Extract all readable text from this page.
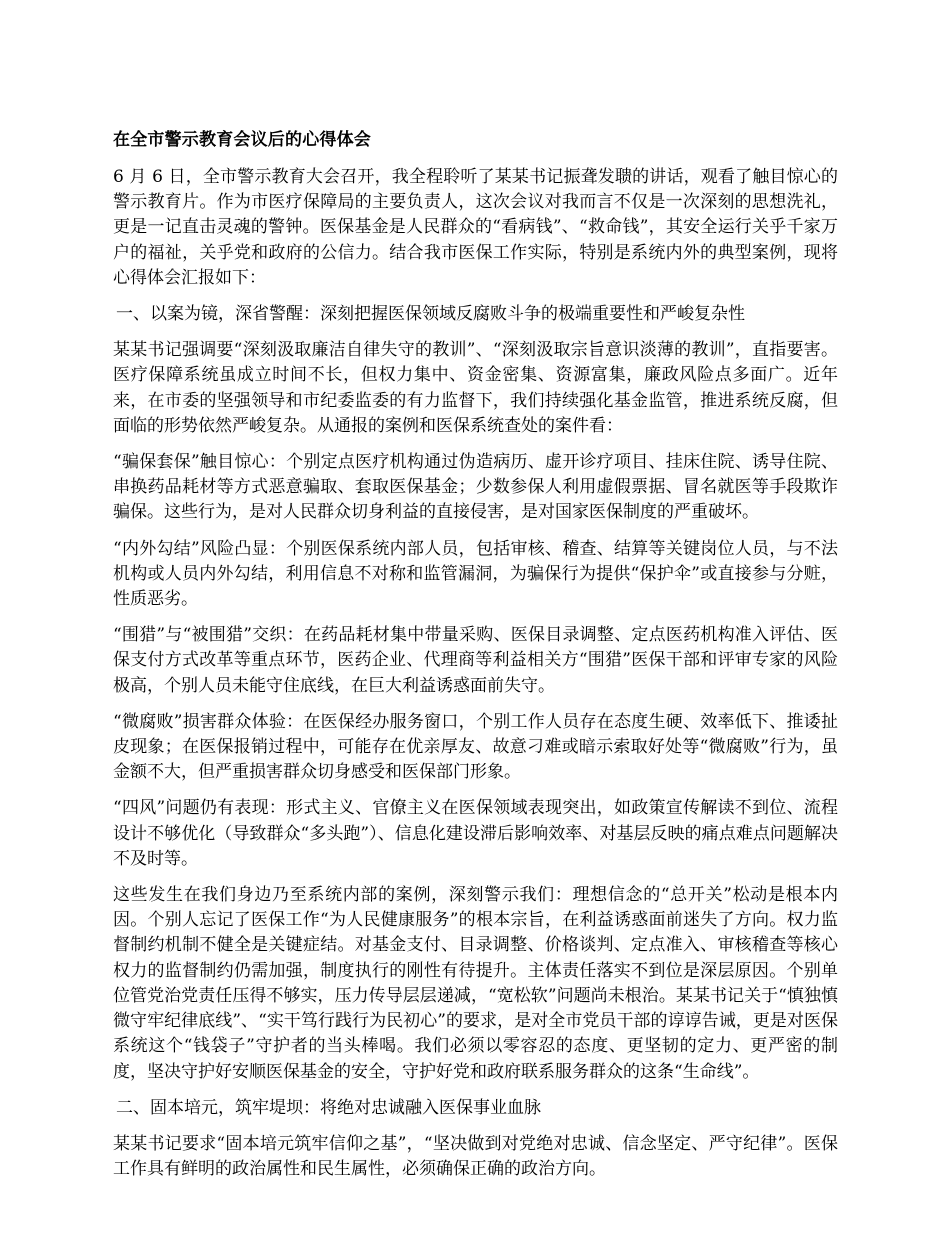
在全市警示教育会议后的心得体会

6 月 6 日，全市警示教育大会召开，我全程聆听了某某书记振聋发聩的讲话，观看了触目惊心的警示教育片。作为市医疗保障局的主要负责人，这次会议对我而言不仅是一次深刻的思想洗礼，更是一记直击灵魂的警钟。医保基金是人民群众的“看病钱”、“救命钱”，其安全运行关乎千家万户的福祉，关乎党和政府的公信力。结合我市医保工作实际，特别是系统内外的典型案例，现将心得体会汇报如下：

一、以案为镜，深省警醒：深刻把握医保领域反腐败斗争的极端重要性和严峻复杂性

某某书记强调要“深刻汲取廉洁自律失守的教训”、“深刻汲取宗旨意识淡薄的教训”，直指要害。医疗保障系统虽成立时间不长，但权力集中、资金密集、资源富集，廉政风险点多面广。近年来，在市委的坚强领导和市纪委监委的有力监督下，我们持续强化基金监管，推进系统反腐，但面临的形势依然严峻复杂。从通报的案例和医保系统查处的案件看：

“骗保套保”触目惊心：个别定点医疗机构通过伪造病历、虚开诊疗项目、挂床住院、诱导住院、串换药品耗材等方式恶意骗取、套取医保基金；少数参保人利用虚假票据、冒名就医等手段欺诈骗保。这些行为，是对人民群众切身利益的直接侵害，是对国家医保制度的严重破坏。

“内外勾结”风险凸显：个别医保系统内部人员，包括审核、稽查、结算等关键岗位人员，与不法机构或人员内外勾结，利用信息不对称和监管漏洞，为骗保行为提供“保护伞”或直接参与分赃，性质恶劣。

“围猎”与“被围猎”交织：在药品耗材集中带量采购、医保目录调整、定点医药机构准入评估、医保支付方式改革等重点环节，医药企业、代理商等利益相关方“围猎”医保干部和评审专家的风险极高，个别人员未能守住底线，在巨大利益诱惑面前失守。

“微腐败”损害群众体验：在医保经办服务窗口，个别工作人员存在态度生硬、效率低下、推诿扯皮现象；在医保报销过程中，可能存在优亲厚友、故意刁难或暗示索取好处等“微腐败”行为，虽金额不大，但严重损害群众切身感受和医保部门形象。

“四风”问题仍有表现：形式主义、官僚主义在医保领域表现突出，如政策宣传解读不到位、流程设计不够优化（导致群众“多头跑”）、信息化建设滞后影响效率、对基层反映的痛点难点问题解决不及时等。

这些发生在我们身边乃至系统内部的案例，深刻警示我们：理想信念的“总开关”松动是根本内因。个别人忘记了医保工作“为人民健康服务”的根本宗旨，在利益诱惑面前迷失了方向。权力监督制约机制不健全是关键症结。对基金支付、目录调整、价格谈判、定点准入、审核稽查等核心权力的监督制约仍需加强，制度执行的刚性有待提升。主体责任落实不到位是深层原因。个别单位管党治党责任压得不够实，压力传导层层递减，“宽松软”问题尚未根治。某某书记关于“慎独慎微守牢纪律底线”、“实干笃行践行为民初心”的要求，是对全市党员干部的谆谆告诫，更是对医保系统这个“钱袋子”守护者的当头棒喝。我们必须以零容忍的态度、更坚韧的定力、更严密的制度，坚决守护好安顺医保基金的安全，守护好党和政府联系服务群众的这条“生命线”。

二、固本培元，筑牢堤坝：将绝对忠诚融入医保事业血脉

某某书记要求“固本培元筑牢信仰之基”，“坚决做到对党绝对忠诚、信念坚定、严守纪律”。医保工作具有鲜明的政治属性和民生属性，必须确保正确的政治方向。
